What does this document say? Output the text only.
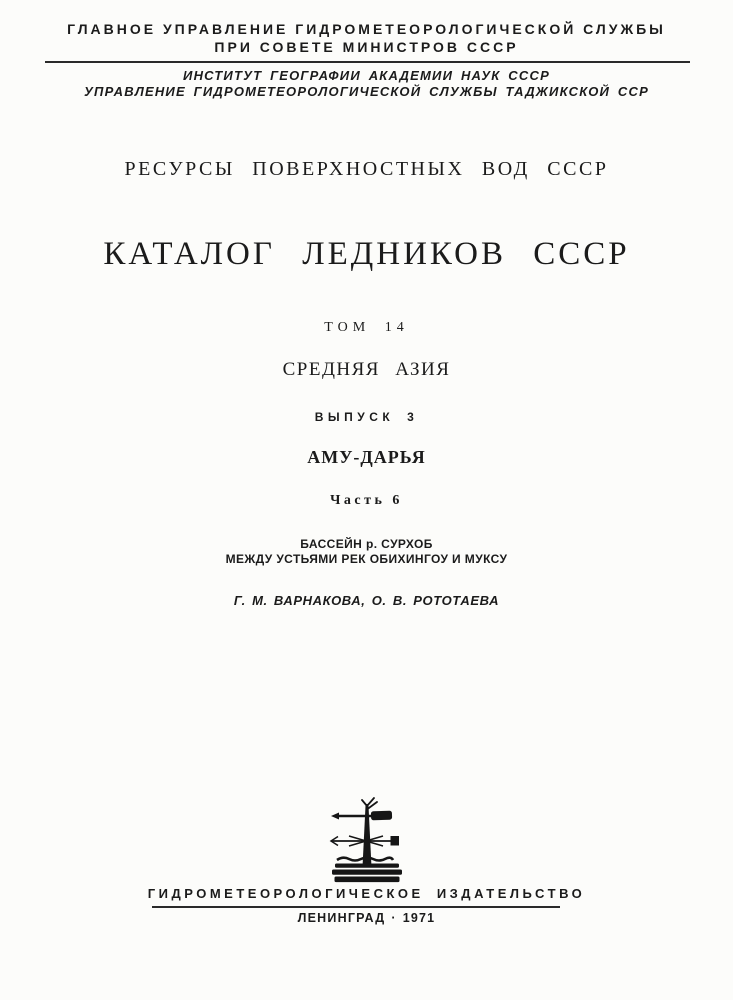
ГЛАВНОЕ УПРАВЛЕНИЕ ГИДРОМЕТЕОРОЛОГИЧЕСКОЙ СЛУЖБЫ
ПРИ СОВЕТЕ МИНИСТРОВ СССР
ИНСТИТУТ ГЕОГРАФИИ АКАДЕМИИ НАУК СССР
УПРАВЛЕНИЕ ГИДРОМЕТЕОРОЛОГИЧЕСКОЙ СЛУЖБЫ ТАДЖИКСКОЙ ССР
РЕСУРСЫ ПОВЕРХНОСТНЫХ ВОД СССР
КАТАЛОГ ЛЕДНИКОВ СССР
ТОМ 14
СРЕДНЯЯ АЗИЯ
ВЫПУСК 3
АМУ-ДАРЬЯ
Часть 6
БАССЕЙН р. СУРХОБ
МЕЖДУ УСТЬЯМИ РЕК ОБИХИНГОУ И МУКСУ
Г. М. ВАРНАКОВА, О. В. РОТОТАЕВА
ГИДРОМЕТЕОРОЛОГИЧЕСКОЕ ИЗДАТЕЛЬСТВО
ЛЕНИНГРАД · 1971
